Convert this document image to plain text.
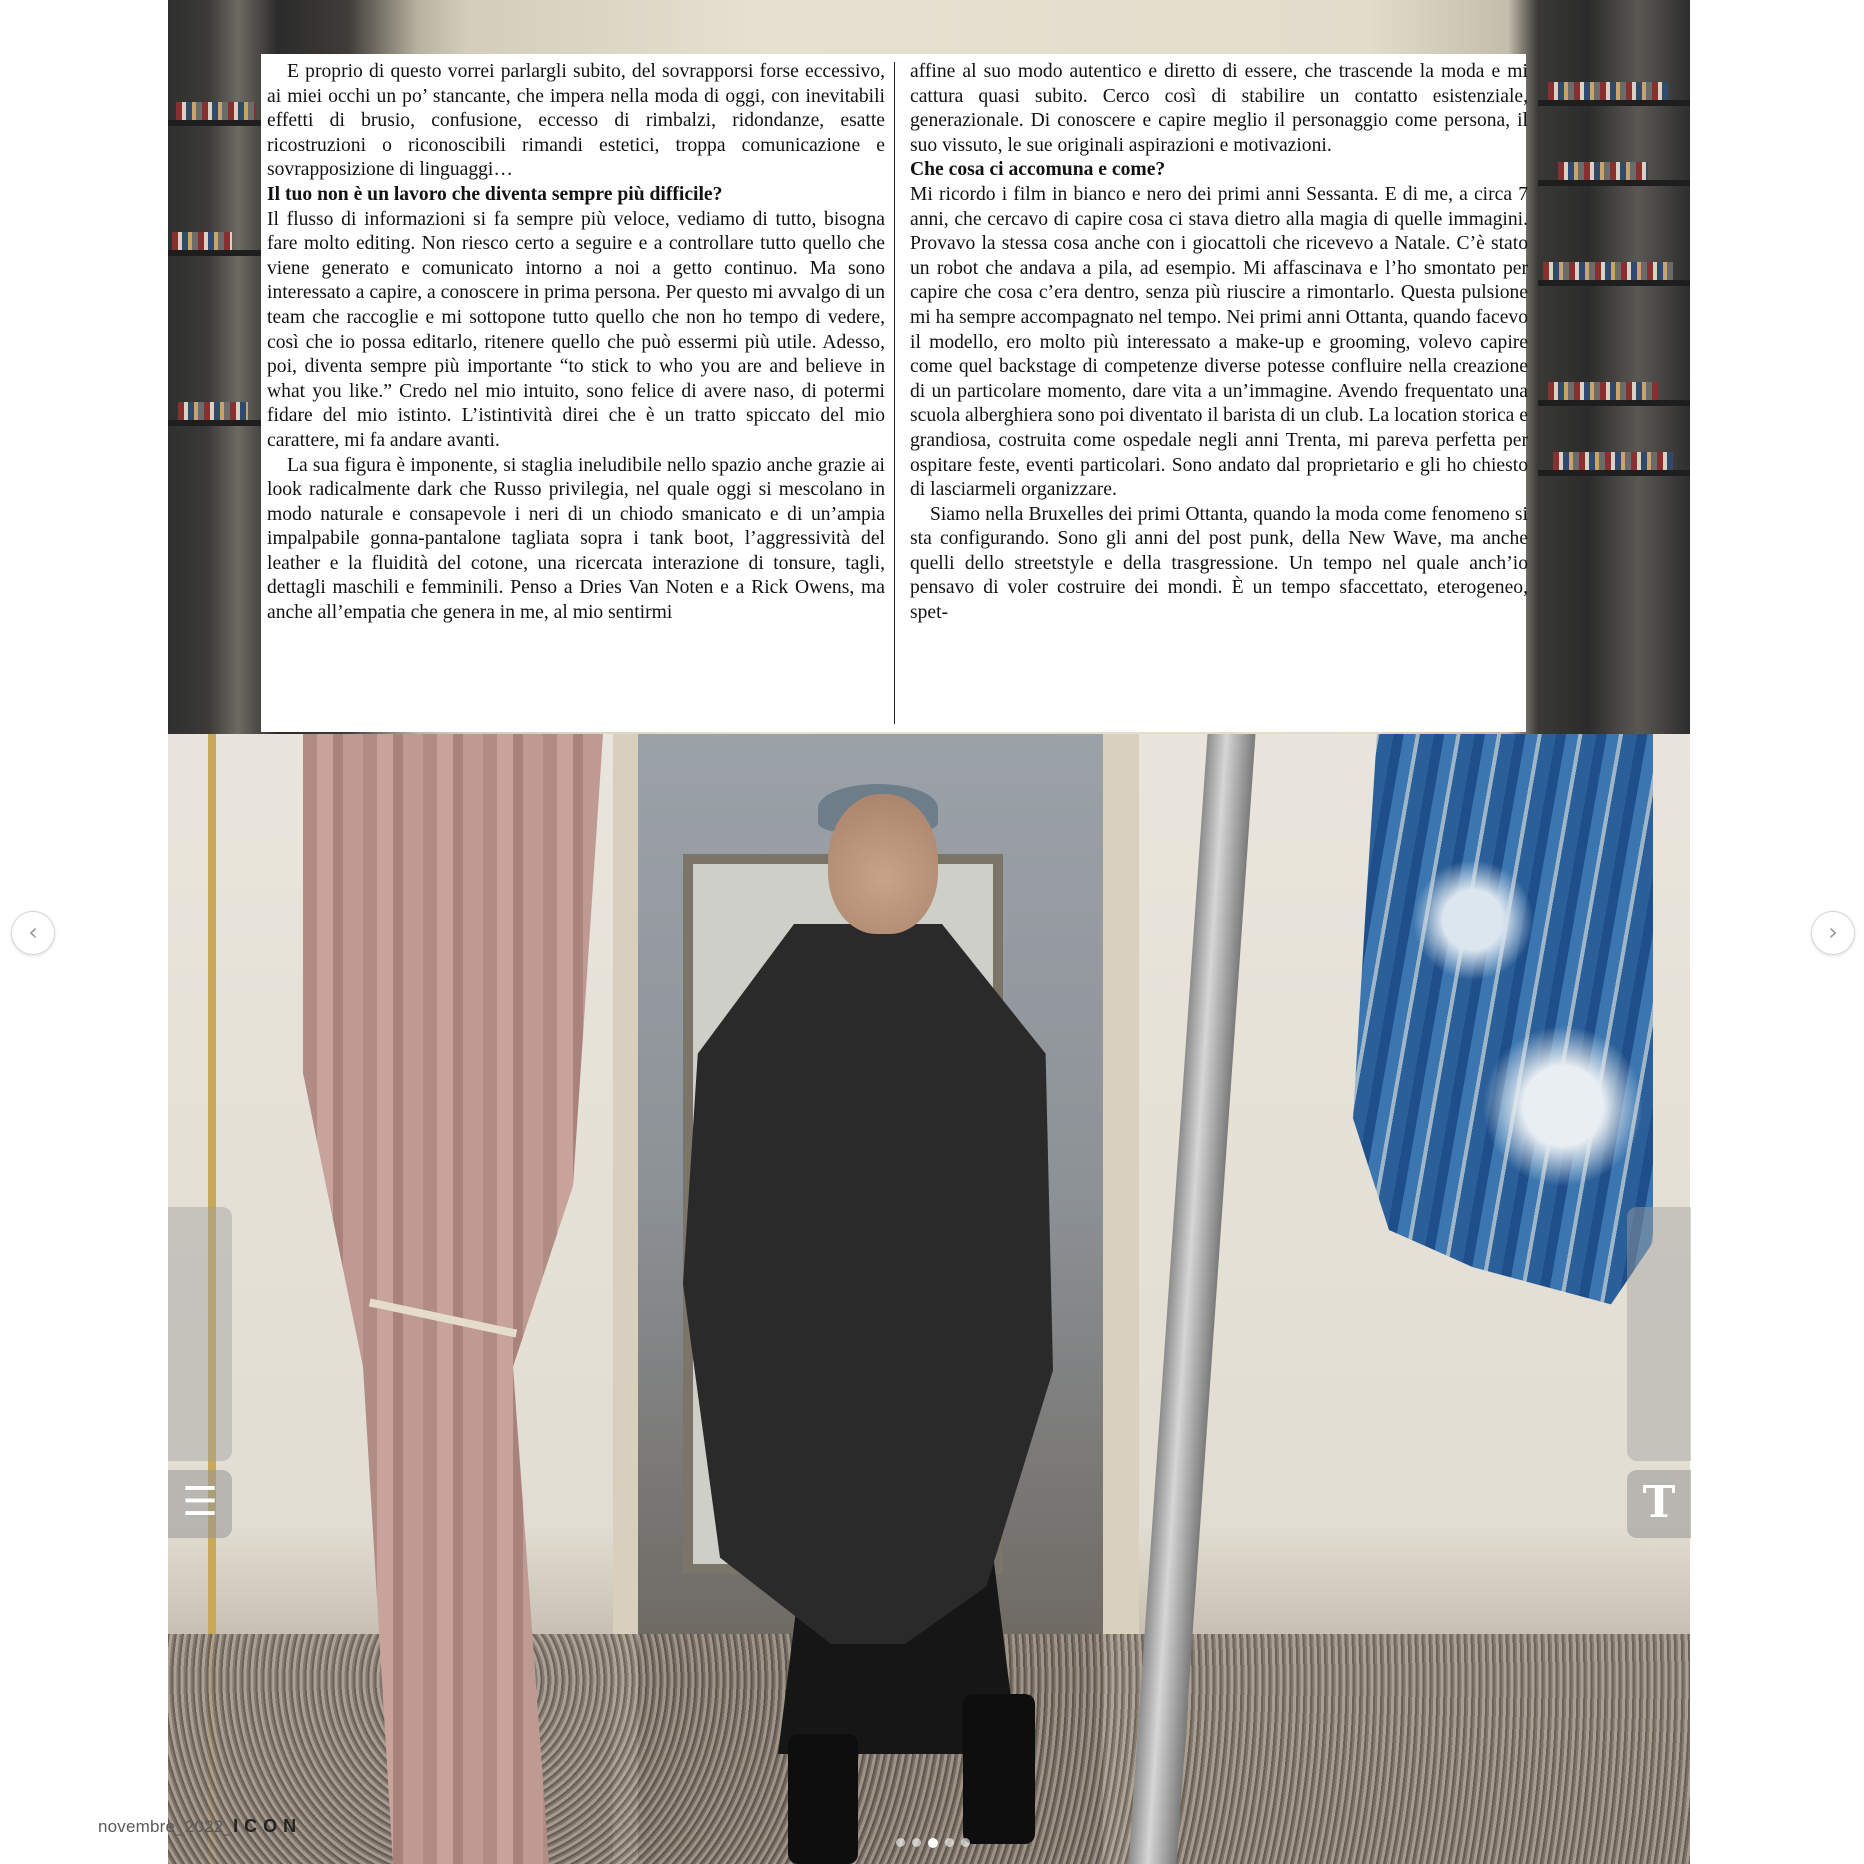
E proprio di questo vorrei parlargli subito, del sovrapporsi forse eccessivo, ai miei occhi un po’ stancante, che impera nella moda di oggi, con inevitabili effetti di brusio, confusione, eccesso di rimbalzi, ridondanze, esatte ricostruzioni o riconoscibili rimandi estetici, troppa comunicazione e sovrapposizione di linguaggi…

Il tuo non è un lavoro che diventa sempre più difficile?

Il flusso di informazioni si fa sempre più veloce, vediamo di tutto, bisogna fare molto editing. Non riesco certo a seguire e a controllare tutto quello che viene generato e comunicato intorno a noi a getto continuo. Ma sono interessato a capire, a conoscere in prima persona. Per questo mi avvalgo di un team che raccoglie e mi sottopone tutto quello che non ho tempo di vedere, così che io possa editarlo, ritenere quello che può essermi più utile. Adesso, poi, diventa sempre più importante “to stick to who you are and believe in what you like.” Credo nel mio intuito, sono felice di avere naso, di potermi fidare del mio istinto. L’istintività direi che è un tratto spiccato del mio carattere, mi fa andare avanti.

La sua figura è imponente, si staglia ineludibile nello spazio anche grazie ai look radicalmente dark che Russo privilegia, nel quale oggi si mescolano in modo naturale e consapevole i neri di un chiodo smanicato e di un’ampia impalpabile gonna-pantalone tagliata sopra i tank boot, l’aggressività del leather e la fluidità del cotone, una ricercata interazione di tonsure, tagli, dettagli maschili e femminili. Penso a Dries Van Noten e a Rick Owens, ma anche all’empatia che genera in me, al mio sentirmi

affine al suo modo autentico e diretto di essere, che trascende la moda e mi cattura quasi subito. Cerco così di stabilire un contatto esistenziale, generazionale. Di conoscere e capire meglio il personaggio come persona, il suo vissuto, le sue originali aspirazioni e motivazioni.

Che cosa ci accomuna e come?

Mi ricordo i film in bianco e nero dei primi anni Sessanta. E di me, a circa 7 anni, che cercavo di capire cosa ci stava dietro alla magia di quelle immagini. Provavo la stessa cosa anche con i giocattoli che ricevevo a Natale. C’è stato un robot che andava a pila, ad esempio. Mi affascinava e l’ho smontato per capire che cosa c’era dentro, senza più riuscire a rimontarlo. Questa pulsione mi ha sempre accompagnato nel tempo. Nei primi anni Ottanta, quando facevo il modello, ero molto più interessato a make-up e grooming, volevo capire come quel backstage di competenze diverse potesse confluire nella creazione di un particolare momento, dare vita a un’immagine. Avendo frequentato una scuola alberghiera sono poi diventato il barista di un club. La location storica e grandiosa, costruita come ospedale negli anni Trenta, mi pareva perfetta per ospitare feste, eventi particolari. Sono andato dal proprietario e gli ho chiesto di lasciarmeli organizzare.

Siamo nella Bruxelles dei primi Ottanta, quando la moda come fenomeno si sta configurando. Sono gli anni del post punk, della New Wave, ma anche quelli dello streetstyle e della trasgressione. Un tempo nel quale anch’io pensavo di voler costruire dei mondi. È un tempo sfaccettato, eterogeneo, spet-

novembre_2022_ICON
‹	›
☰	T
